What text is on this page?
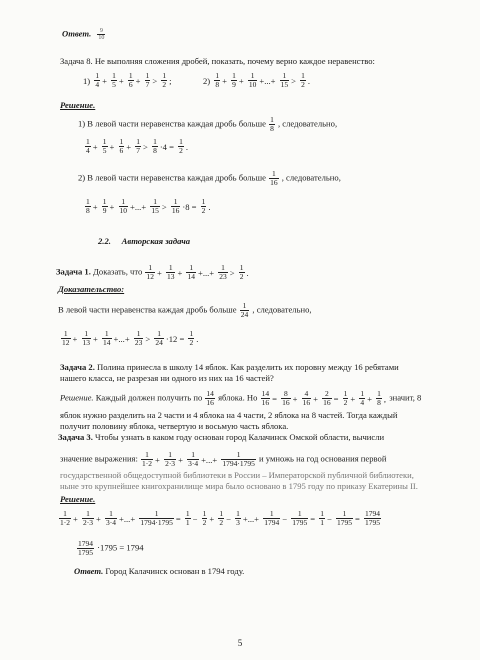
Ответ. $\frac{9}{10}$
Задача 8. Не выполняя сложения дробей, показать, почему верно каждое неравенство:
$1) \frac{1}{4} + \frac{1}{5} + \frac{1}{6} + \frac{1}{7} > \frac{1}{2}$ ;	$2) \frac{1}{8} + \frac{1}{9} + \frac{1}{10}$ +...+ $\frac{1}{15} > \frac{1}{2}$ .
Решение.
1) В левой части неравенства каждая дробь больше $\frac{1}{8}$ , следовательно,
$\frac{1}{4} + \frac{1}{5} + \frac{1}{6} + \frac{1}{7} > \frac{1}{8} \cdot 4 = \frac{1}{2}$ .
2) В левой части неравенства каждая дробь больше $\frac{1}{16}$ , следовательно,
$\frac{1}{8} + \frac{1}{9} + \frac{1}{10}$ +...+ $\frac{1}{15} > \frac{1}{16} \cdot 8 = \frac{1}{2}$ .
2.2. Авторская задача
Задача 1. Доказать, что $\frac{1}{12} + \frac{1}{13} + \frac{1}{14}$ +...+ $\frac{1}{23} > \frac{1}{2}$ .
Доказательство:
В левой части неравенства каждая дробь больше $\frac{1}{24}$ , следовательно,
$\frac{1}{12} + \frac{1}{13} + \frac{1}{14}$ +...+ $\frac{1}{23} > \frac{1}{24} \cdot 12 = \frac{1}{2}$ .
Задача 2. Полина принесла в школу 14 яблок. Как разделить их поровну между 16 ребятами
нашего класса, не разрезая ни одного из них на 16 частей?
Решение. Каждый должен получить по $\frac{14}{16}$ яблока. Но $\frac{14}{16} = \frac{8}{16} + \frac{4}{16} + \frac{2}{16} = \frac{1}{2} + \frac{1}{4} + \frac{1}{8}$ , значит, 8
яблок нужно разделить на 2 части и 4 яблока на 4 части, 2 яблока на 8 частей. Тогда каждый
получит половину яблока, четвертую и восьмую часть яблока.
Задача 3. Чтобы узнать в каком году основан город Калачинск Омской области, вычисли
значение выражения: $\frac{1}{1\cdot 2} + \frac{1}{2\cdot 3} + \frac{1}{3\cdot 4}$ +...+ $\frac{1}{1794\cdot 1795}$ и умножь на год основания первой
государственной общедоступной библиотеки в России – Императорской публичной библиотеки,
ныне это крупнейшее книгохранилище мира было основано в 1795 году по приказу Екатерины II.
Решение.
$\frac{1}{1\cdot 2} + \frac{1}{2\cdot 3} + \frac{1}{3\cdot 4}$ +...+ $\frac{1}{1794\cdot 1795} = \frac{1}{1} - \frac{1}{2} + \frac{1}{2} - \frac{1}{3}$ +...+ $\frac{1}{1794} - \frac{1}{1795} = \frac{1}{1} - \frac{1}{1795} = \frac{1794}{1795}$
$\frac{1794}{1795} \cdot 1795 = 1794$
Ответ. Город Калачинск основан в 1794 году.
5
